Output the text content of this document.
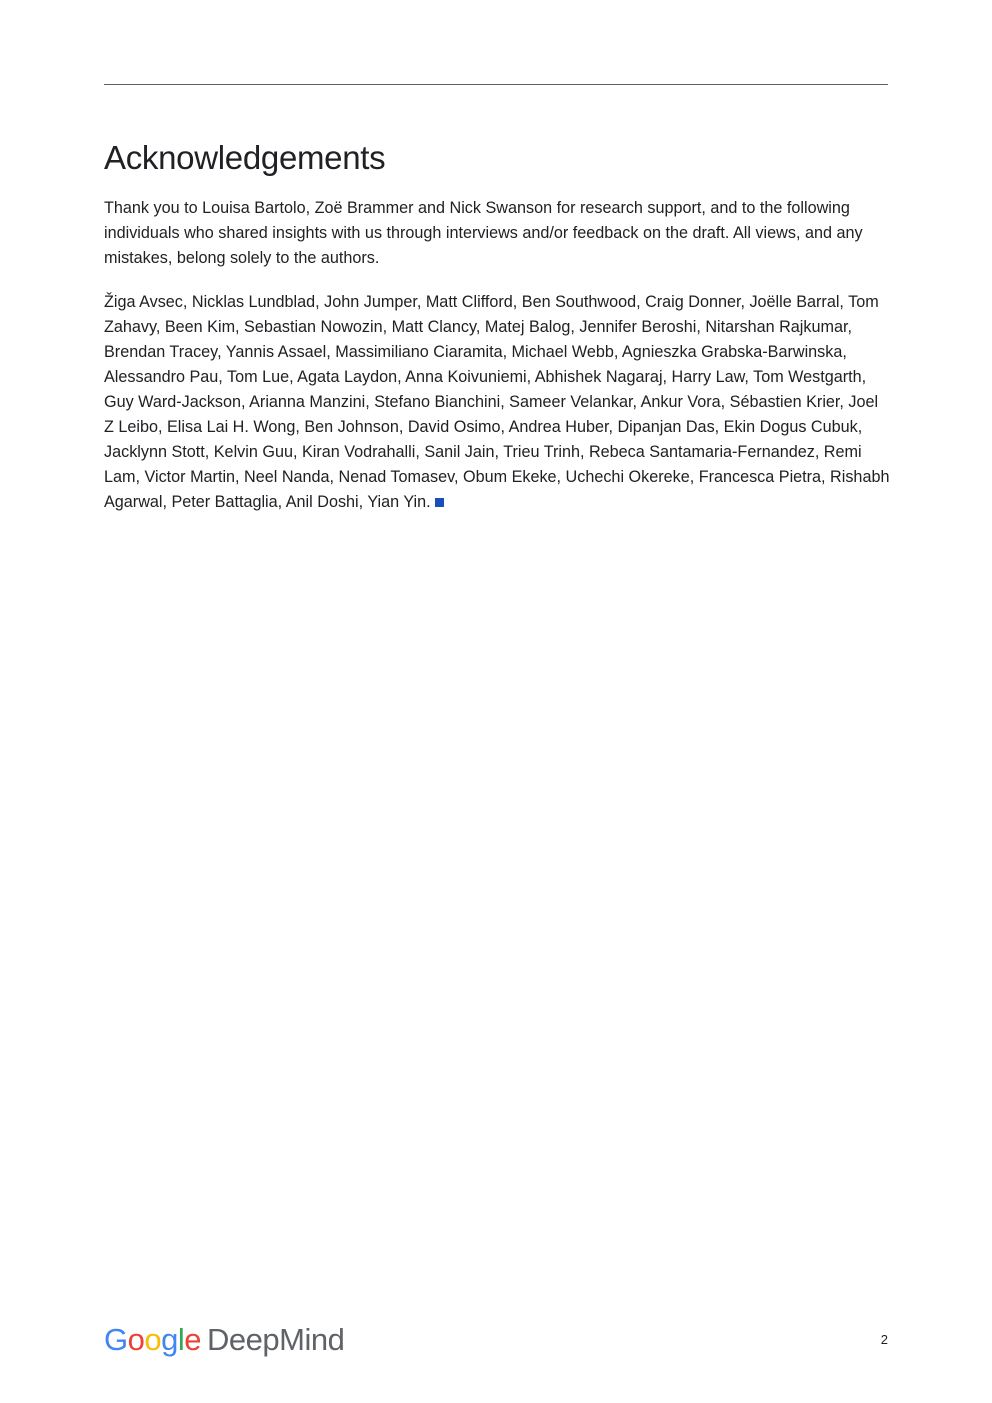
Acknowledgements

Thank you to Louisa Bartolo, Zoë Brammer and Nick Swanson for research support, and to the following individuals who shared insights with us through interviews and/or feedback on the draft. All views, and any mistakes, belong solely to the authors.

Žiga Avsec, Nicklas Lundblad, John Jumper, Matt Clifford, Ben Southwood, Craig Donner, Joëlle Barral, Tom Zahavy, Been Kim, Sebastian Nowozin, Matt Clancy, Matej Balog, Jennifer Beroshi, Nitarshan Rajkumar, Brendan Tracey, Yannis Assael, Massimiliano Ciaramita, Michael Webb, Agnieszka Grabska-Barwinska, Alessandro Pau, Tom Lue, Agata Laydon, Anna Koivuniemi, Abhishek Nagaraj, Harry Law, Tom Westgarth, Guy Ward-Jackson, Arianna Manzini, Stefano Bianchini, Sameer Velankar, Ankur Vora, Sébastien Krier, Joel Z Leibo, Elisa Lai H. Wong, Ben Johnson, David Osimo, Andrea Huber, Dipanjan Das, Ekin Dogus Cubuk, Jacklynn Stott, Kelvin Guu, Kiran Vodrahalli, Sanil Jain, Trieu Trinh, Rebeca Santamaria-Fernandez, Remi Lam, Victor Martin, Neel Nanda, Nenad Tomasev, Obum Ekeke, Uchechi Okereke, Francesca Pietra, Rishabh Agarwal, Peter Battaglia, Anil Doshi, Yian Yin.

Google DeepMind	2
